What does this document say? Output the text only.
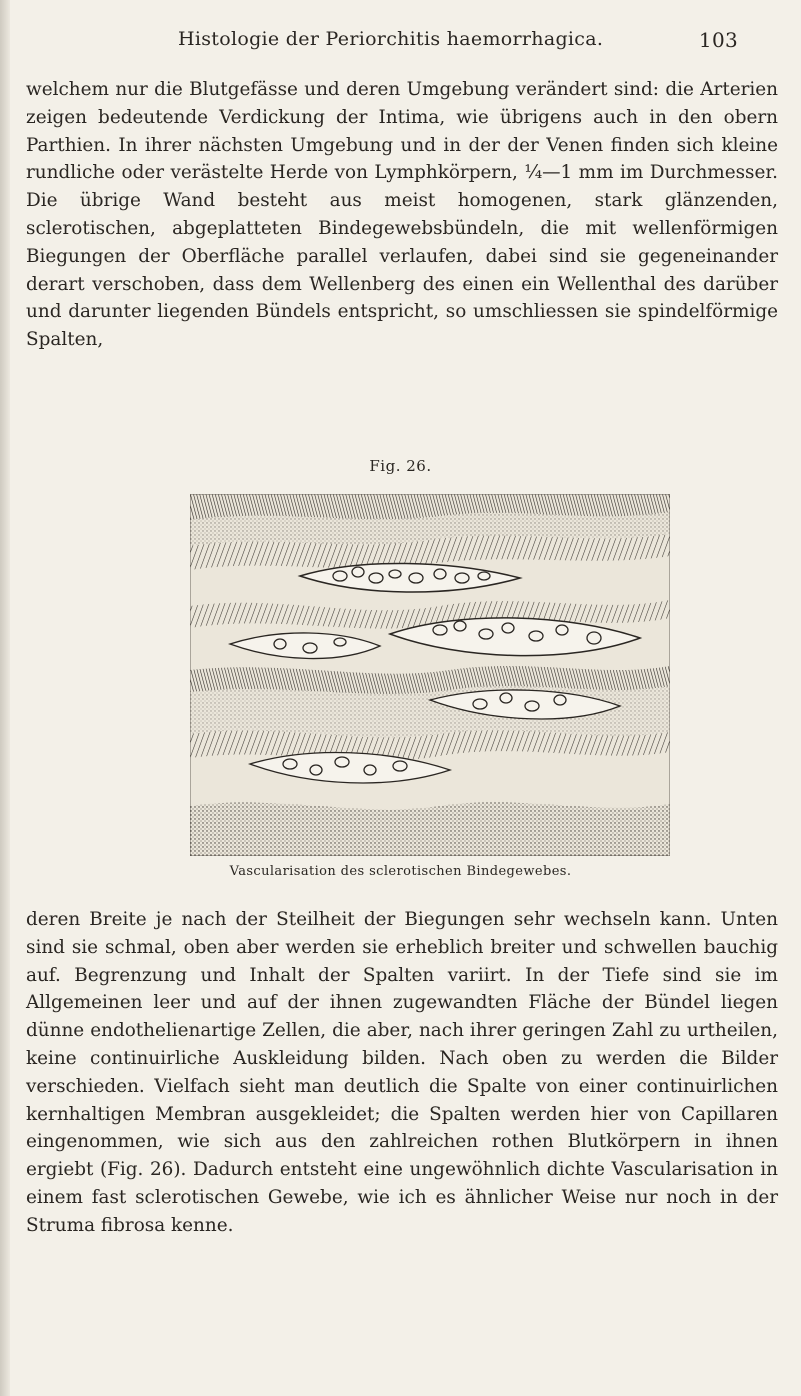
Histologie der Periorchitis haemorrhagica.	103

welchem nur die Blutgefässe und deren Umgebung verändert sind: die Arterien zeigen bedeutende Verdickung der Intima, wie übrigens auch in den obern Parthien. In ihrer nächsten Umgebung und in der der Venen finden sich kleine rundliche oder verästelte Herde von Lymphkörpern, ¼—1 mm im Durchmesser. Die übrige Wand besteht aus meist homogenen, stark glänzenden, sclerotischen, abgeplatteten Bindegewebsbündeln, die mit wellenförmigen Biegungen der Oberfläche parallel verlaufen, dabei sind sie gegeneinander derart verschoben, dass dem Wellenberg des einen ein Wellenthal des darüber und darunter liegenden Bündels entspricht, so umschliessen sie spindelförmige Spalten,

Fig. 26.
Vascularisation des sclerotischen Bindegewebes.

deren Breite je nach der Steilheit der Biegungen sehr wechseln kann. Unten sind sie schmal, oben aber werden sie erheblich breiter und schwellen bauchig auf. Begrenzung und Inhalt der Spalten variirt. In der Tiefe sind sie im Allgemeinen leer und auf der ihnen zugewandten Fläche der Bündel liegen dünne endothelienartige Zellen, die aber, nach ihrer geringen Zahl zu urtheilen, keine continuirliche Auskleidung bilden. Nach oben zu werden die Bilder verschieden. Vielfach sieht man deutlich die Spalte von einer continuirlichen kernhaltigen Membran ausgekleidet; die Spalten werden hier von Capillaren eingenommen, wie sich aus den zahlreichen rothen Blutkörpern in ihnen ergiebt (Fig. 26). Dadurch entsteht eine ungewöhnlich dichte Vascularisation in einem fast sclerotischen Gewebe, wie ich es ähnlicher Weise nur noch in der Struma fibrosa kenne.
